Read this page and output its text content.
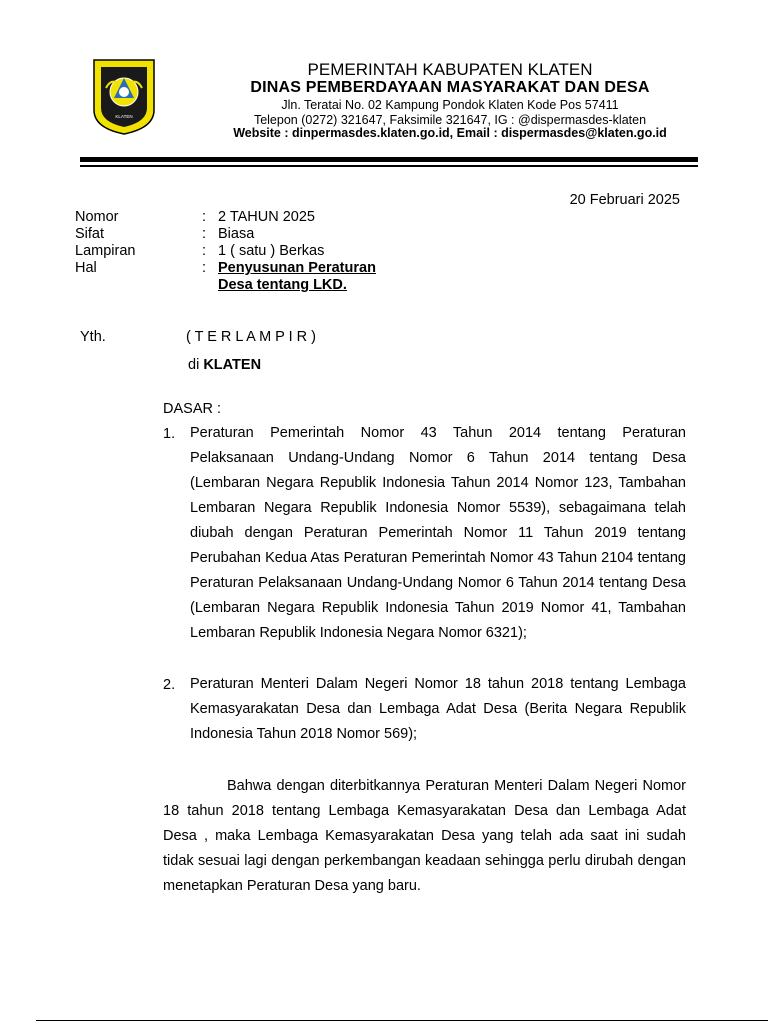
KLATEN
PEMERINTAH KABUPATEN KLATEN
DINAS PEMBERDAYAAN MASYARAKAT DAN DESA
Jln. Teratai No. 02 Kampung Pondok Klaten Kode Pos 57411
Telepon (0272) 321647, Faksimile 321647, IG : @dispermasdes-klaten
Website : dinpermasdes.klaten.go.id, Email : dispermasdes@klaten.go.id
20 Februari 2025
Nomor	: 2 TAHUN 2025
Sifat	: Biasa
Lampiran	: 1 ( satu ) Berkas
Hal	: Penyusunan Peraturan
Desa tentang LKD.
Yth.	( T E R L A M P I R )
di KLATEN
DASAR :
1. Peraturan Pemerintah Nomor 43 Tahun 2014 tentang Peraturan Pelaksanaan Undang-Undang Nomor 6 Tahun 2014 tentang Desa (Lembaran Negara Republik Indonesia Tahun 2014 Nomor 123, Tambahan Lembaran Negara Republik Indonesia Nomor 5539), sebagaimana telah diubah dengan Peraturan Pemerintah Nomor 11 Tahun 2019 tentang Perubahan Kedua Atas Peraturan Pemerintah Nomor 43 Tahun 2104 tentang Peraturan Pelaksanaan Undang-Undang Nomor 6 Tahun 2014 tentang Desa (Lembaran Negara Republik Indonesia Tahun 2019 Nomor 41, Tambahan Lembaran Republik Indonesia Negara Nomor 6321);
2. Peraturan Menteri Dalam Negeri Nomor 18 tahun 2018 tentang Lembaga Kemasyarakatan Desa dan Lembaga Adat Desa (Berita Negara Republik Indonesia Tahun 2018 Nomor 569);
Bahwa dengan diterbitkannya Peraturan Menteri Dalam Negeri Nomor 18 tahun 2018 tentang Lembaga Kemasyarakatan Desa dan Lembaga Adat Desa , maka Lembaga Kemasyarakatan Desa yang telah ada saat ini sudah tidak sesuai lagi dengan perkembangan keadaan sehingga perlu dirubah dengan menetapkan Peraturan Desa yang baru.
